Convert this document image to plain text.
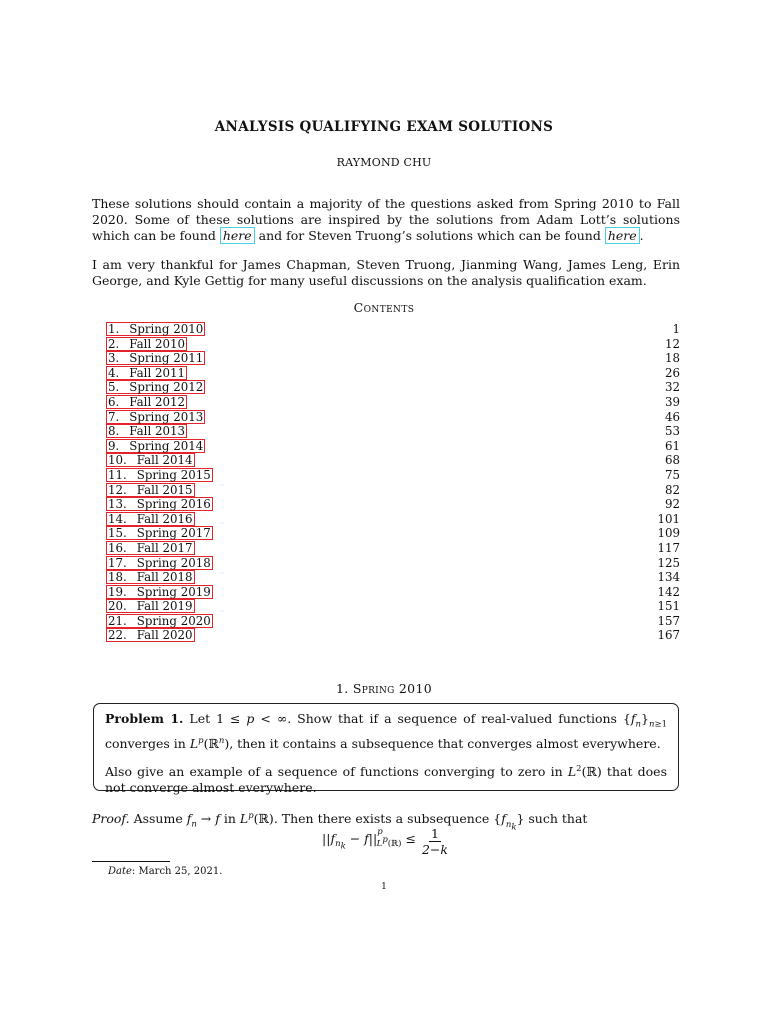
ANALYSIS QUALIFYING EXAM SOLUTIONS
RAYMOND CHU
These solutions should contain a majority of the questions asked from Spring 2010 to Fall 2020. Some of these solutions are inspired by the solutions from Adam Lott’s solutions which can be found here and for Steven Truong’s solutions which can be found here .
I am very thankful for James Chapman, Steven Truong, Jianming Wang, James Leng, Erin George, and Kyle Gettig for many useful discussions on the analysis qualification exam.
Contents
1. Spring 2010	1
2. Fall 2010	12
3. Spring 2011	18
4. Fall 2011	26
5. Spring 2012	32
6. Fall 2012	39
7. Spring 2013	46
8. Fall 2013	53
9. Spring 2014	61
10. Fall 2014	68
11. Spring 2015	75
12. Fall 2015	82
13. Spring 2016	92
14. Fall 2016	101
15. Spring 2017	109
16. Fall 2017	117
17. Spring 2018	125
18. Fall 2018	134
19. Spring 2019	142
20. Fall 2019	151
21. Spring 2020	157
22. Fall 2020	167
1. Spring 2010

Problem 1. Let 1 ≤ p < ∞. Show that if a sequence of real-valued functions $\{f_n\}_{n\ge 1}$ converges in $L^p(ℝ^n)$, then it contains a subsequence that converges almost everywhere.

Also give an example of a sequence of functions converging to zero in $L^2(ℝ)$ that does not converge almost everywhere.

Proof. Assume $f_n \to f$ in $L^p(ℝ)$. Then there exists a subsequence $\{f_{n_k}\}$ such that
$||f_{n_k} - f||^p_{L^p(ℝ)} \le \frac{1}{2-k}$
Date: March 25, 2021.
1
